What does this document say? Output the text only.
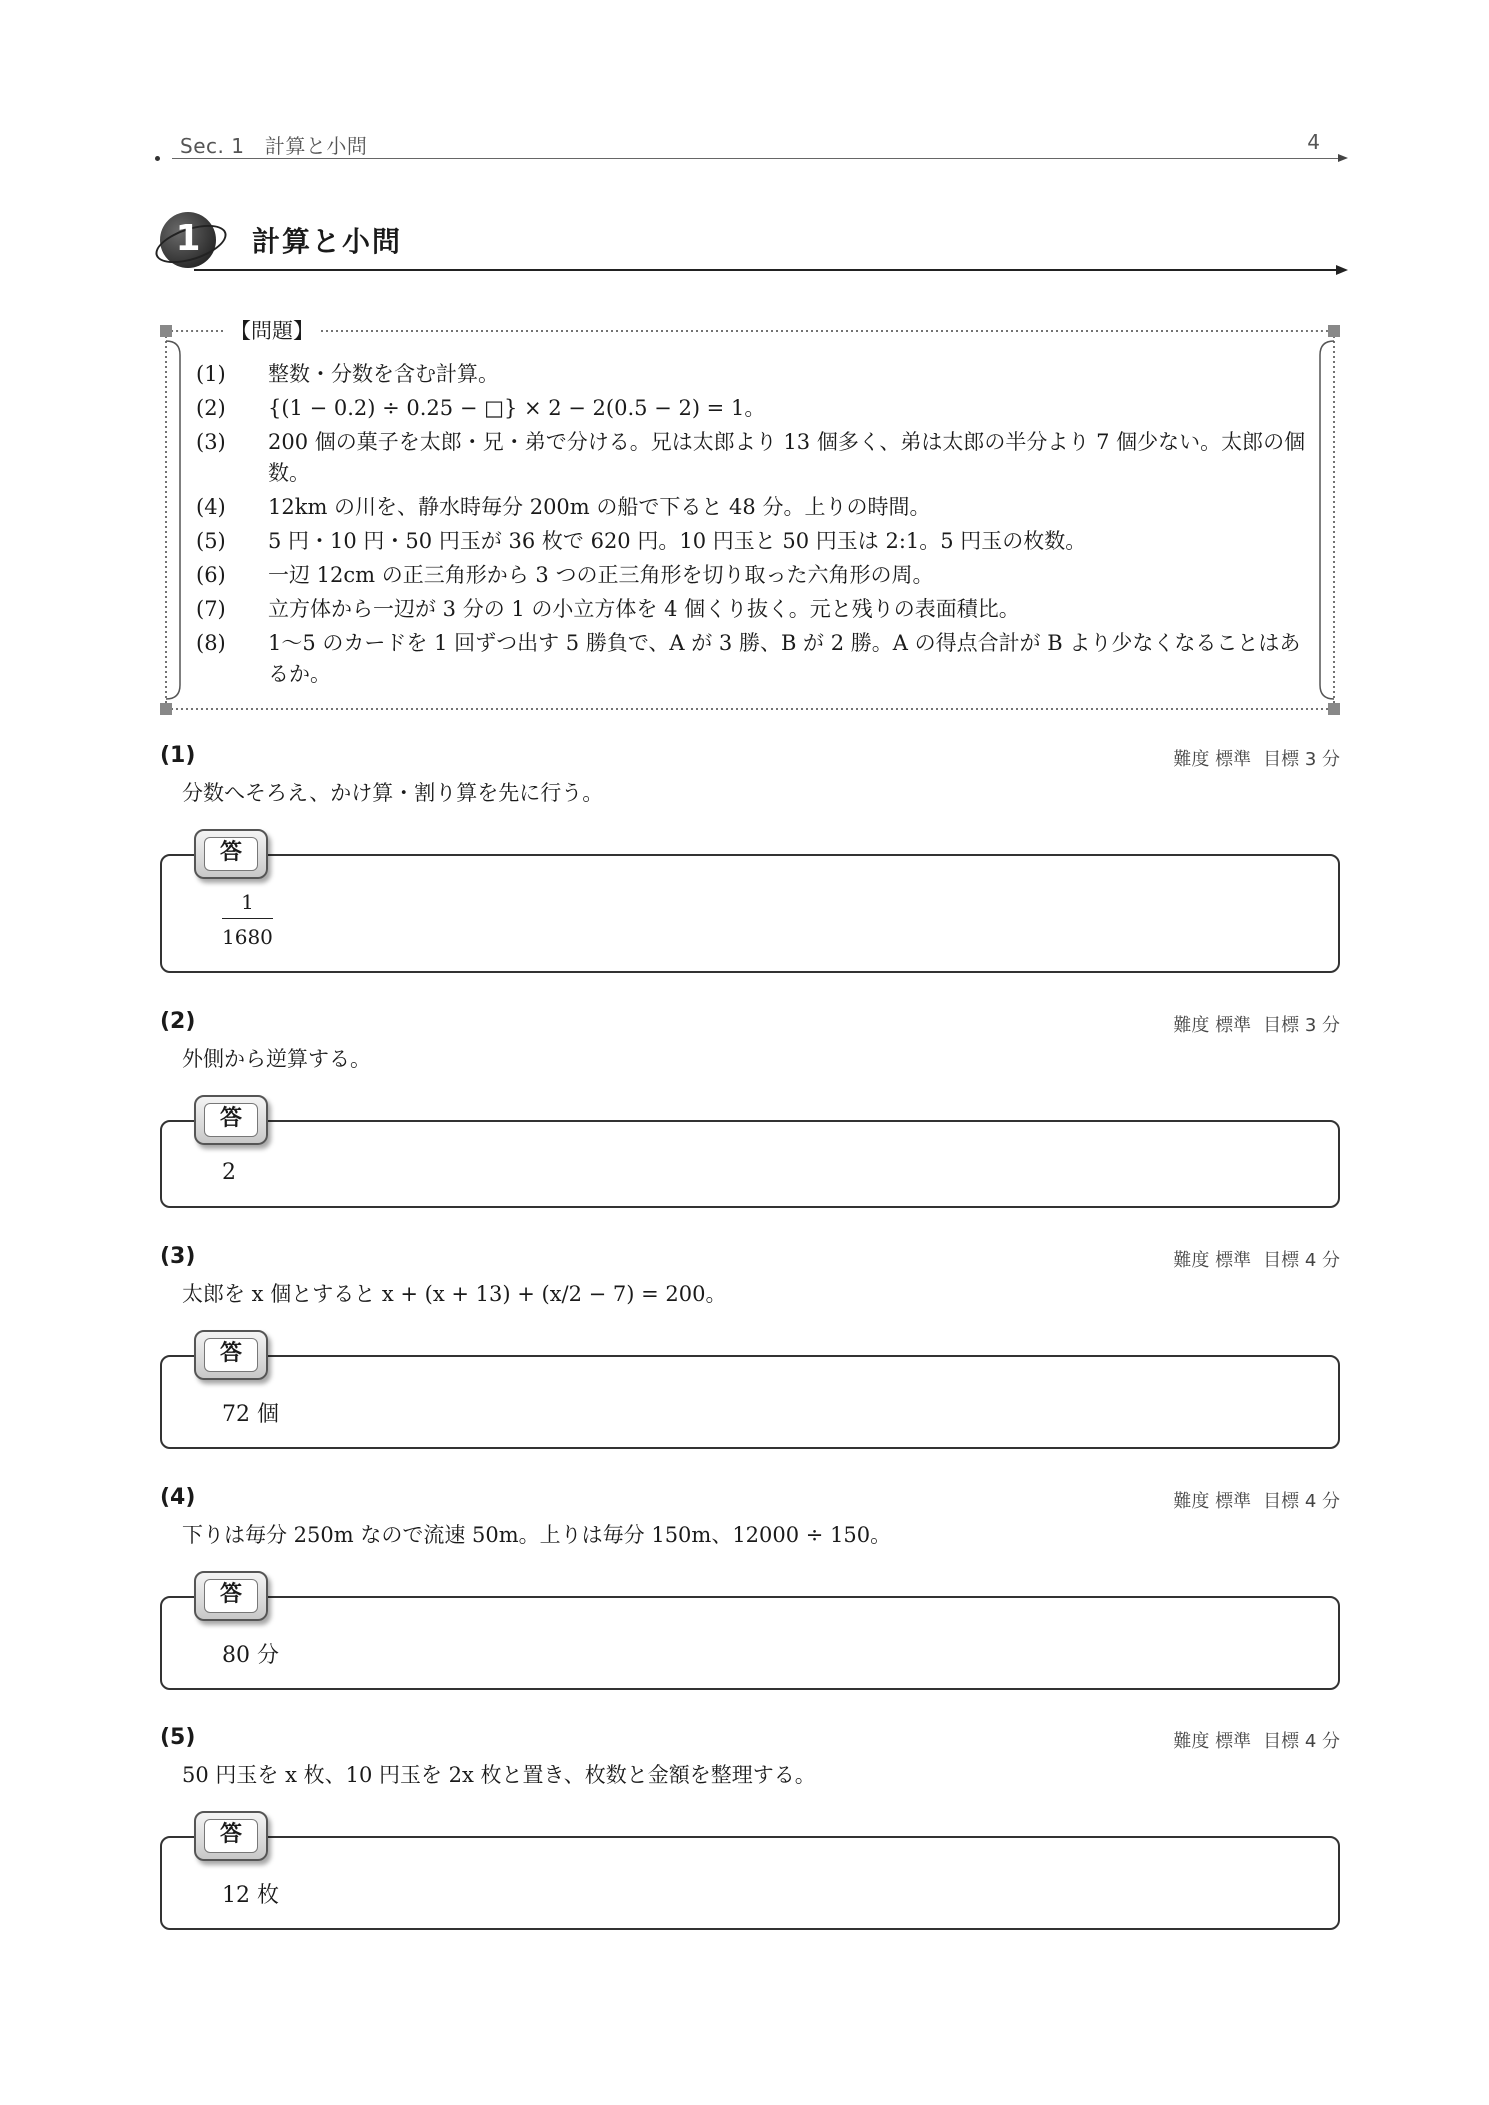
Sec. 1　計算と小問	4
1	計算と小問
【問題】
(1) 整数・分数を含む計算。
(2) {(1 − 0.2) ÷ 0.25 − □} × 2 − 2(0.5 − 2) = 1。
(3) 200 個の菓子を太郎・兄・弟で分ける。兄は太郎より 13 個多く、弟は太郎の半分より 7 個少ない。太郎の個数。
(4) 12km の川を、静水時毎分 200m の船で下ると 48 分。上りの時間。
(5) 5 円・10 円・50 円玉が 36 枚で 620 円。10 円玉と 50 円玉は 2:1。5 円玉の枚数。
(6) 一辺 12cm の正三角形から 3 つの正三角形を切り取った六角形の周。
(7) 立方体から一辺が 3 分の 1 の小立方体を 4 個くり抜く。元と残りの表面積比。
(8) 1〜5 のカードを 1 回ずつ出す 5 勝負で、A が 3 勝、B が 2 勝。A の得点合計が B より少なくなることはあるか。
(1)	難度 標準 目標 3 分
分数へそろえ、かけ算・割り算を先に行う。
$\frac{1}{1680}$
答
(2)	難度 標準 目標 3 分
外側から逆算する。
2
答
(3)	難度 標準 目標 4 分
太郎を x 個とすると x + (x + 13) + (x/2 − 7) = 200。
72 個
答
(4)	難度 標準 目標 4 分
下りは毎分 250m なので流速 50m。上りは毎分 150m、12000 ÷ 150。
80 分
答
(5)	難度 標準 目標 4 分
50 円玉を x 枚、10 円玉を 2x 枚と置き、枚数と金額を整理する。
12 枚
答
